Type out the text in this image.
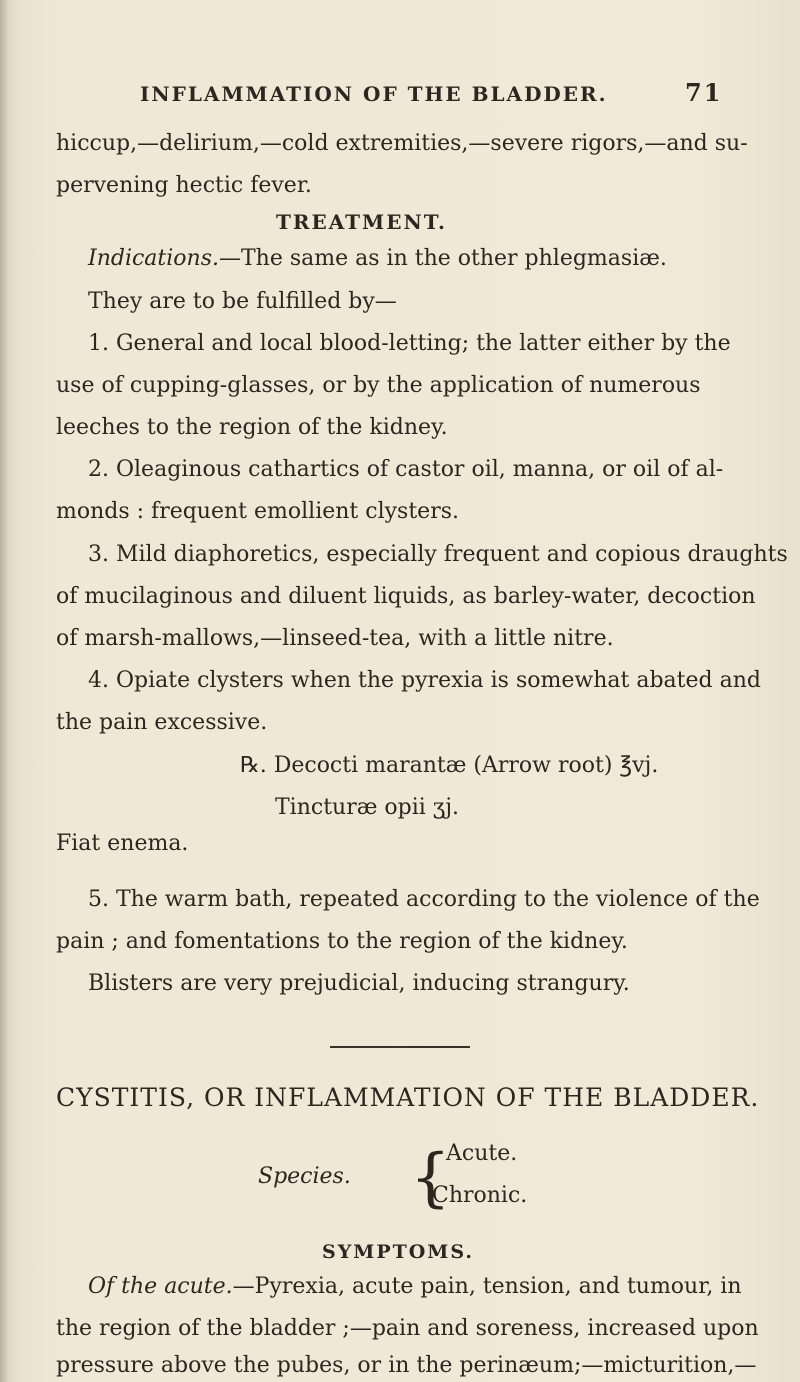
INFLAMMATION OF THE BLADDER.	71
hiccup,—delirium,—cold extremities,—severe rigors,—and su-
pervening hectic fever.
TREATMENT.
Indications.—The same as in the other phlegmasiæ.
They are to be fulfilled by—
1. General and local blood-letting; the latter either by the
use of cupping-glasses, or by the application of numerous
leeches to the region of the kidney.
2. Oleaginous cathartics of castor oil, manna, or oil of al-
monds : frequent emollient clysters.
3. Mild diaphoretics, especially frequent and copious draughts
of mucilaginous and diluent liquids, as barley-water, decoction
of marsh-mallows,—linseed-tea, with a little nitre.
4. Opiate clysters when the pyrexia is somewhat abated and
the pain excessive.
℞. Decocti marantæ (Arrow root) ℥vj.
Tincturæ opii ʒj.
Fiat enema.
5. The warm bath, repeated according to the violence of the
pain ; and fomentations to the region of the kidney.
Blisters are very prejudicial, inducing strangury.
CYSTITIS, OR INFLAMMATION OF THE BLADDER.
Species. {
Acute.
Chronic.
SYMPTOMS.
Of the acute.—Pyrexia, acute pain, tension, and tumour, in
the region of the bladder ;—pain and soreness, increased upon
pressure above the pubes, or in the perinæum;—micturition,—
